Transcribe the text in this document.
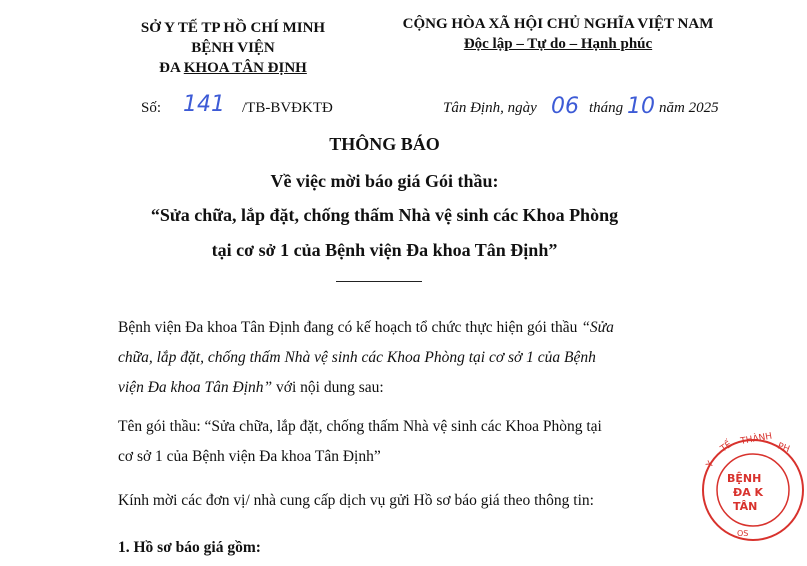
SỞ Y TẾ TP HỒ CHÍ MINH
BỆNH VIỆN
ĐA KHOA TÂN ĐỊNH
CỘNG HÒA XÃ HỘI CHỦ NGHĨA VIỆT NAM
Độc lập – Tự do – Hạnh phúc
Số: 141 /TB-BVĐKTĐ	Tân Định, ngày 06 tháng 10 năm 2025
THÔNG BÁO
Về việc mời báo giá Gói thầu:
“Sửa chữa, lắp đặt, chống thấm Nhà vệ sinh các Khoa Phòng
tại cơ sở 1 của Bệnh viện Đa khoa Tân Định”
Bệnh viện Đa khoa Tân Định đang có kế hoạch tổ chức thực hiện gói thầu “Sửa
chữa, lắp đặt, chống thấm Nhà vệ sinh các Khoa Phòng tại cơ sở 1 của Bệnh
viện Đa khoa Tân Định” với nội dung sau:
Tên gói thầu: “Sửa chữa, lắp đặt, chống thấm Nhà vệ sinh các Khoa Phòng tại
cơ sở 1 của Bệnh viện Đa khoa Tân Định”
Kính mời các đơn vị/ nhà cung cấp dịch vụ gửi Hồ sơ báo giá theo thông tin:
1. Hồ sơ báo giá gồm:
Y
TẾ
THÀNH
PH
BỆNH
ĐA K
TÂN
OS
